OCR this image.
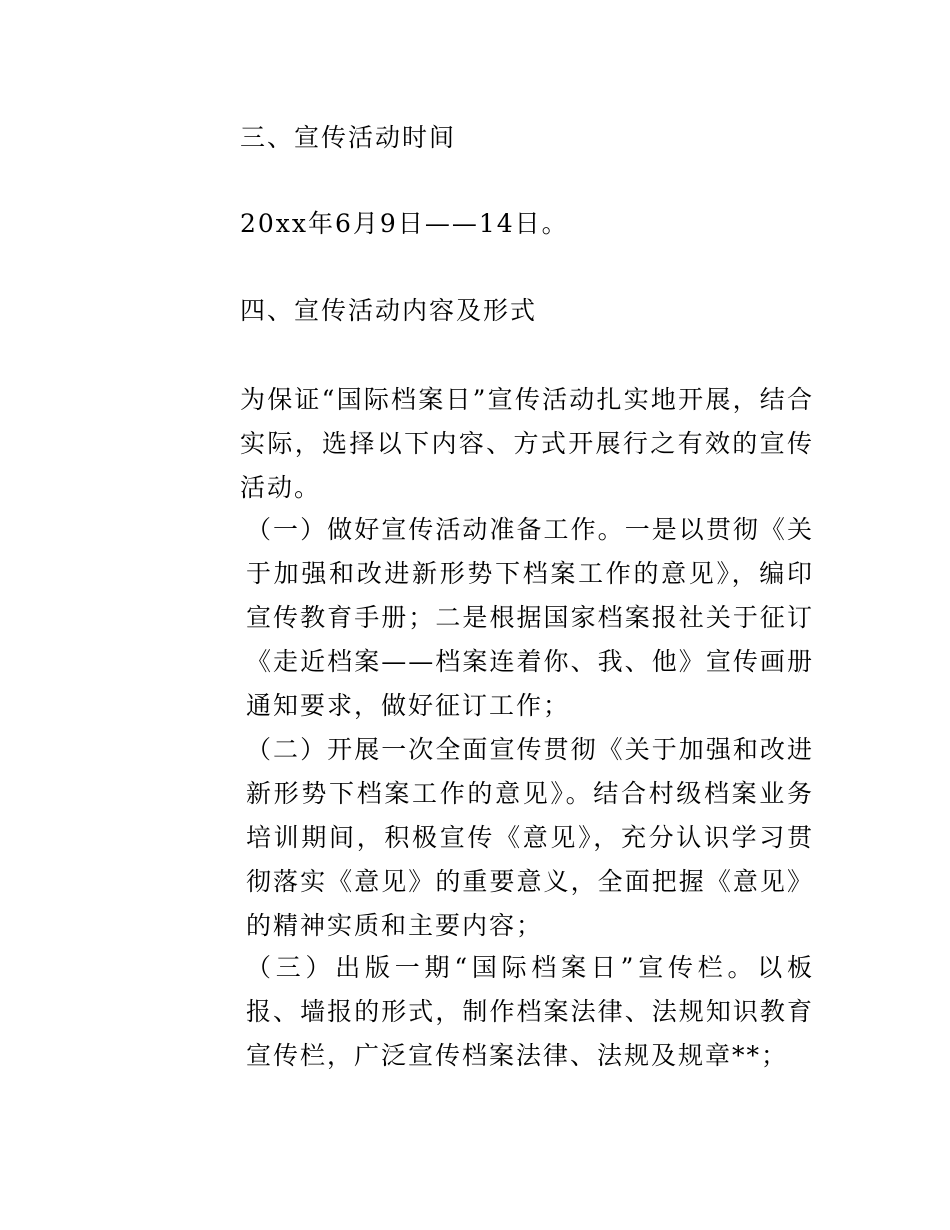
三、宣传活动时间
20xx年6月9日——14日。
四、宣传活动内容及形式
为保证“国际档案日”宣传活动扎实地开展，结合实际，选择以下内容、方式开展行之有效的宣传活动。
（一）做好宣传活动准备工作。一是以贯彻《关于加强和改进新形势下档案工作的意见》，编印宣传教育手册；二是根据国家档案报社关于征订《走近档案——档案连着你、我、他》宣传画册通知要求，做好征订工作；
（二）开展一次全面宣传贯彻《关于加强和改进新形势下档案工作的意见》。结合村级档案业务培训期间，积极宣传《意见》，充分认识学习贯彻落实《意见》的重要意义，全面把握《意见》的精神实质和主要内容；
（三）出版一期“国际档案日”宣传栏。以板报、墙报的形式，制作档案法律、法规知识教育宣传栏，广泛宣传档案法律、法规及规章**；
